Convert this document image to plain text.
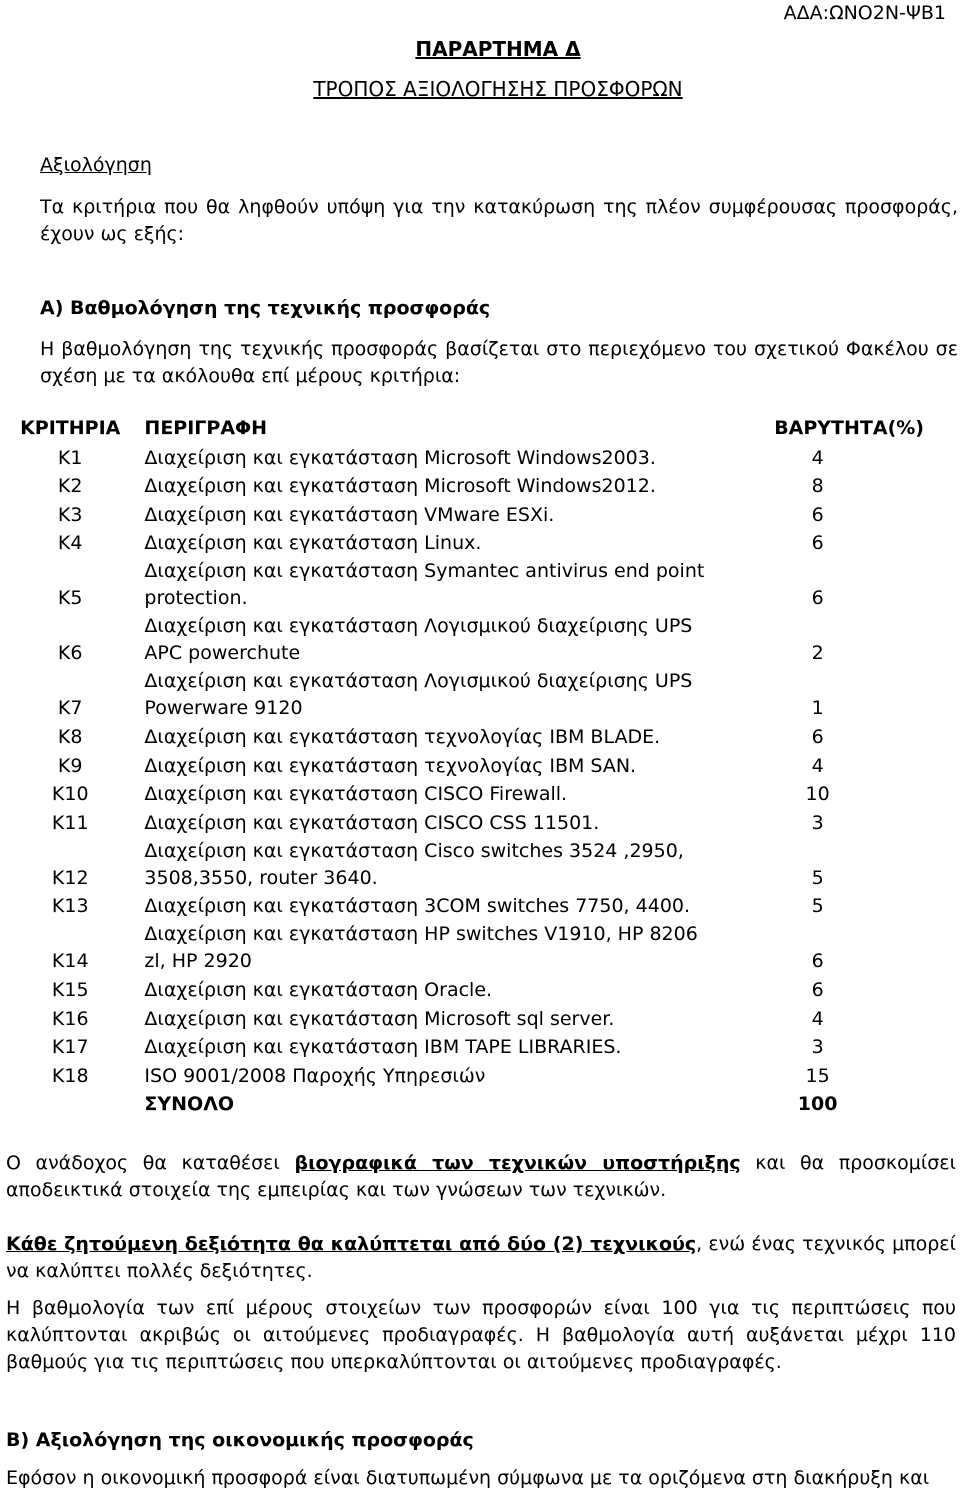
ΑΔΑ:ΩΝΟ2Ν-ΨΒ1
ΠΑΡΑΡΤΗΜΑ Δ
ΤΡΟΠΟΣ ΑΞΙΟΛΟΓΗΣΗΣ ΠΡΟΣΦΟΡΩΝ
Αξιολόγηση
Τα κριτήρια που θα ληφθούν υπόψη για την κατακύρωση της πλέον συμφέρουσας προσφοράς, έχουν ως εξής:
Α) Βαθμολόγηση της τεχνικής προσφοράς
Η βαθμολόγηση της τεχνικής προσφοράς βασίζεται στο περιεχόμενο του σχετικού Φακέλου σε σχέση με τα ακόλουθα επί μέρους κριτήρια:
ΚΡΙΤΗΡΙΑ	ΠΕΡΙΓΡΑΦΗ	ΒΑΡΥΤΗΤΑ(%)
Κ1	Διαχείριση και εγκατάσταση Microsoft Windows2003.	4
Κ2	Διαχείριση και εγκατάσταση Microsoft Windows2012.	8
Κ3	Διαχείριση και εγκατάσταση VMware ESXi.	6
Κ4	Διαχείριση και εγκατάσταση Linux.	6
Κ5	Διαχείριση και εγκατάσταση Symantec antivirus end point protection.	6
Κ6	Διαχείριση και εγκατάσταση Λογισμικού διαχείρισης UPS APC powerchute	2
Κ7	Διαχείριση και εγκατάσταση Λογισμικού διαχείρισης UPS Powerware 9120	1
Κ8	Διαχείριση και εγκατάσταση τεχνολογίας IBM BLADE.	6
Κ9	Διαχείριση και εγκατάσταση τεχνολογίας IBM SAN.	4
Κ10	Διαχείριση και εγκατάσταση CISCO Firewall.	10
Κ11	Διαχείριση και εγκατάσταση CISCO CSS 11501.	3
Κ12	Διαχείριση και εγκατάσταση Cisco switches 3524 ,2950, 3508,3550, router 3640.	5
Κ13	Διαχείριση και εγκατάσταση 3COM switches 7750, 4400.	5
Κ14	Διαχείριση και εγκατάσταση HP switches V1910, HP 8206 zl, HP 2920	6
Κ15	Διαχείριση και εγκατάσταση Oracle.	6
Κ16	Διαχείριση και εγκατάσταση Microsoft sql server.	4
Κ17	Διαχείριση και εγκατάσταση IBM TAPE LIBRARIES.	3
Κ18	ISO 9001/2008 Παροχής Υπηρεσιών	15
	ΣΥΝΟΛΟ	100
Ο ανάδοχος θα καταθέσει βιογραφικά των τεχνικών υποστήριξης και θα προσκομίσει αποδεικτικά στοιχεία της εμπειρίας και των γνώσεων των τεχνικών.
Κάθε ζητούμενη δεξιότητα θα καλύπτεται από δύο (2) τεχνικούς, ενώ ένας τεχνικός μπορεί να καλύπτει πολλές δεξιότητες.
Η βαθμολογία των επί μέρους στοιχείων των προσφορών είναι 100 για τις περιπτώσεις που καλύπτονται ακριβώς οι αιτούμενες προδιαγραφές. Η βαθμολογία αυτή αυξάνεται μέχρι 110 βαθμούς για τις περιπτώσεις που υπερκαλύπτονται οι αιτούμενες προδιαγραφές.
Β) Αξιολόγηση της οικονομικής προσφοράς
Εφόσον η οικονομική προσφορά είναι διατυπωμένη σύμφωνα με τα οριζόμενα στη διακήρυξη και
